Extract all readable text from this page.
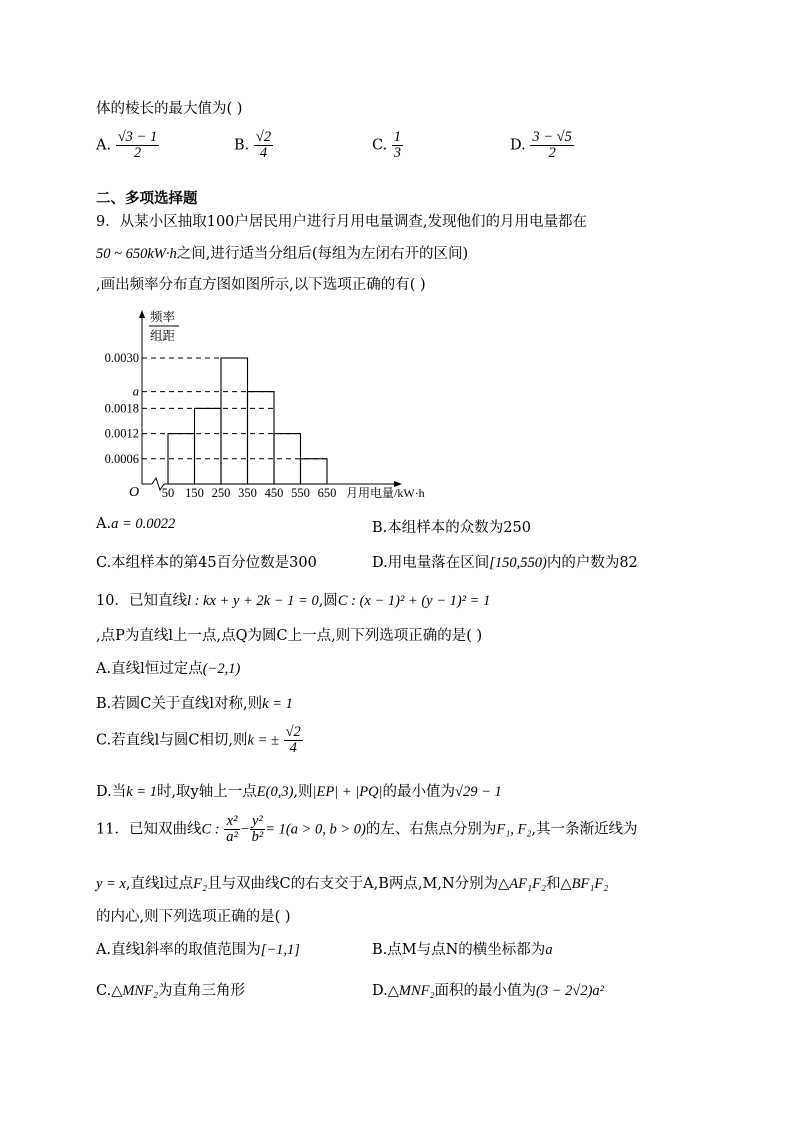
体的棱长的最大值为( )
A. $\frac{√3 - 1}{2}$	B. $\frac{√2}{4}$	C. $\frac{1}{3}$	D. $\frac{3 - √5}{2}$
二、多项选择题
9．从某小区抽取100户居民用户进行月用电量调查,发现他们的月用电量都在
50 ~ 650kW·h之间,进行适当分组后(每组为左闭右开的区间)
,画出频率分布直方图如图所示,以下选项正确的有( )
频率
组距
0.0030
a
0.0018
0.0012
0.0006
50 150 250 350 450 550 650
O	月用电量/kW·h
A.a = 0.0022	B.本组样本的众数为250
C.本组样本的第45百分位数是300	D.用电量落在区间[150,550)内的户数为82
10．已知直线l : kx + y + 2k − 1 = 0,圆C : (x − 1)² + (y − 1)² = 1
,点P为直线l上一点,点Q为圆C上一点,则下列选项正确的是( )
A.直线l恒过定点(−2,1)
B.若圆C关于直线l对称,则k = 1
C.若直线l与圆C相切,则k = ± $\frac{√2}{4}$
D.当k = 1时,取y轴上一点E(0,3),则|EP| + |PQ|的最小值为√29 − 1
11．已知双曲线C : $\frac{\text{x²}}{\text{a²}} - \frac{\text{y²}}{\text{b²}} = 1(a > 0$, b > 0)的左、右焦点分别为F₁, F₂,其一条渐近线为
y = x,直线l过点F₂且与双曲线C的右支交于A,B两点,M,N分别为△AF₁F₂和△BF₁F₂
的内心,则下列选项正确的是( )
A.直线l斜率的取值范围为[−1,1]	B.点M与点N的横坐标都为a
C.△MNF₂为直角三角形	D.△MNF₂面积的最小值为(3 − 2√2)a²
